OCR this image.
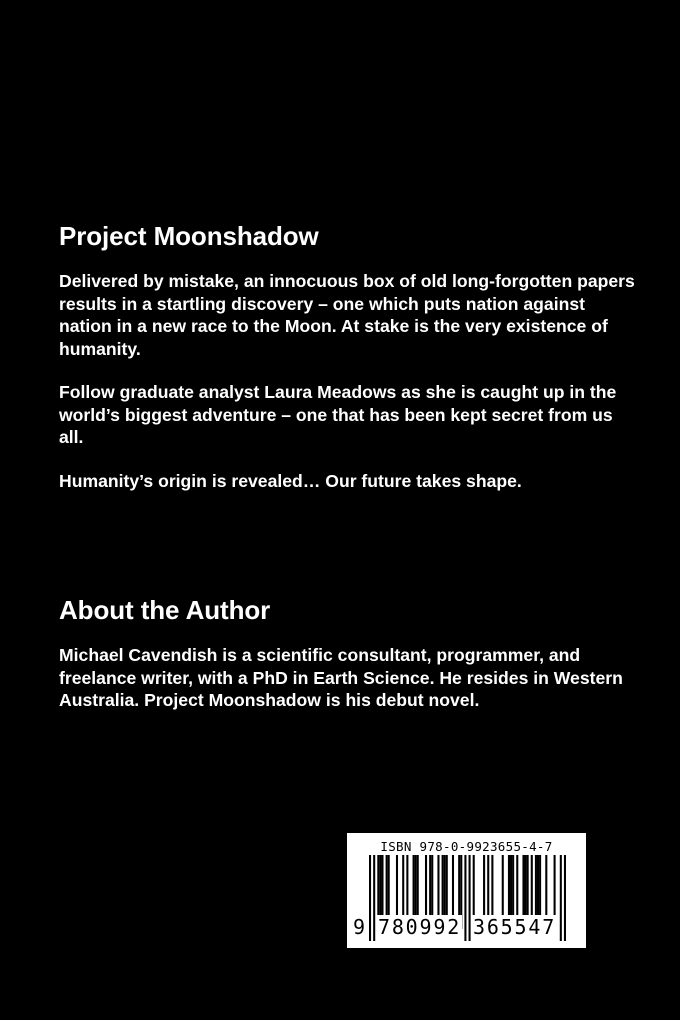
Project Moonshadow

Delivered by mistake, an innocuous box of old long-forgotten papers results in a startling discovery – one which puts nation against nation in a new race to the Moon. At stake is the very existence of humanity.

Follow graduate analyst Laura Meadows as she is caught up in the world’s biggest adventure – one that has been kept secret from us all.

Humanity’s origin is revealed… Our future takes shape.

About the Author

Michael Cavendish is a scientific consultant, programmer, and freelance writer, with a PhD in Earth Science. He resides in Western Australia. Project Moonshadow is his debut novel.

ISBN 978-0-9923655-4-7
9 780992 365547
